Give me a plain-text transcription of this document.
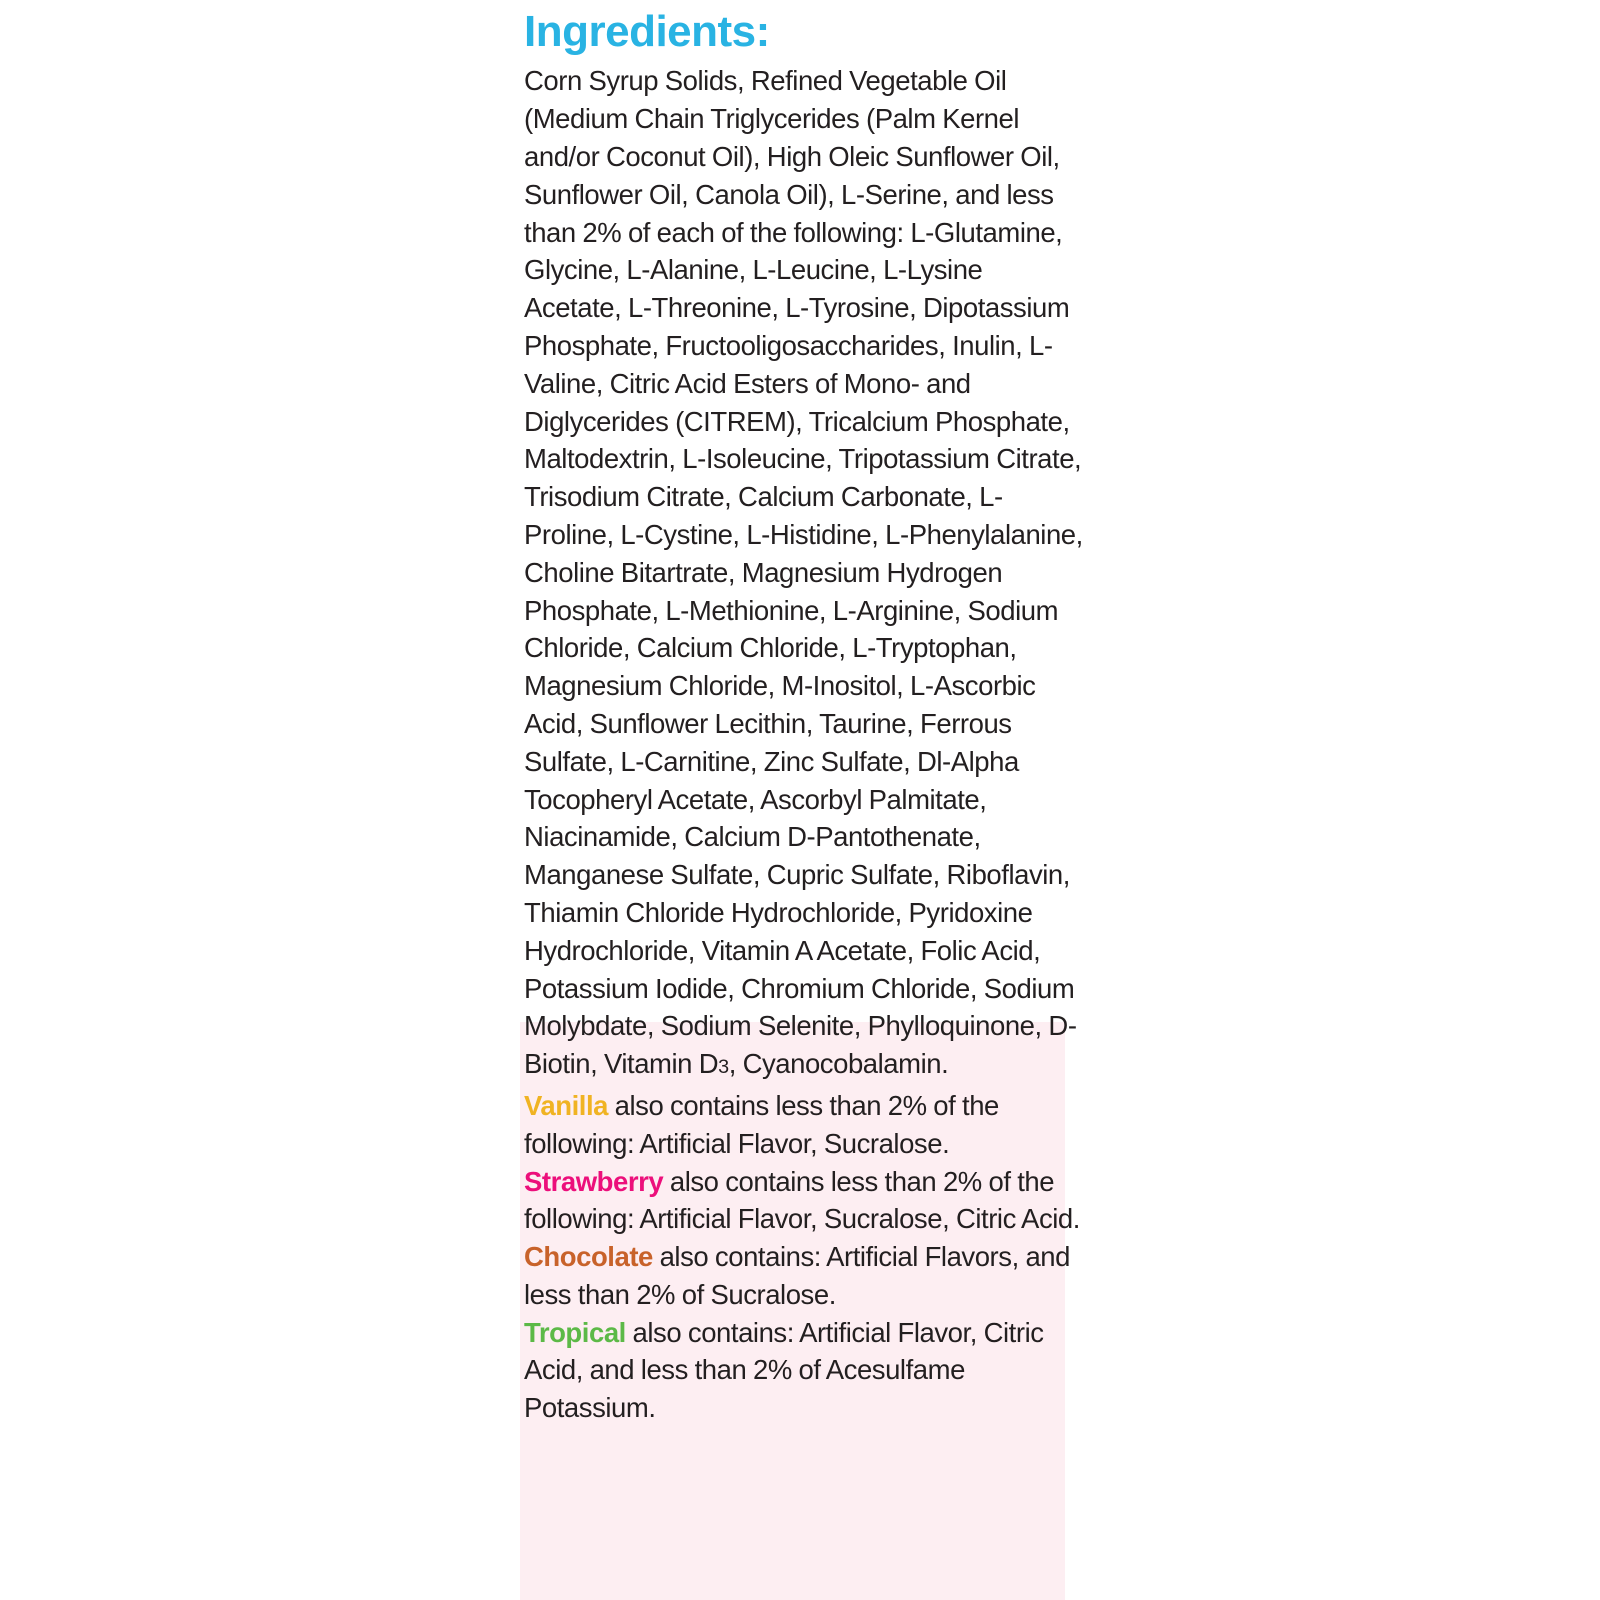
Ingredients:

Corn Syrup Solids, Refined Vegetable Oil (Medium Chain Triglycerides (Palm Kernel and/or Coconut Oil), High Oleic Sunflower Oil, Sunflower Oil, Canola Oil), L-Serine, and less than 2% of each of the following: L-Glutamine, Glycine, L-Alanine, L-Leucine, L-Lysine Acetate, L-Threonine, L-Tyrosine, Dipotassium Phosphate, Fructooligosaccharides, Inulin, L-Valine, Citric Acid Esters of Mono- and Diglycerides (CITREM), Tricalcium Phosphate, Maltodextrin, L-Isoleucine, Tripotassium Citrate, Trisodium Citrate, Calcium Carbonate, L-Proline, L-Cystine, L-Histidine, L-Phenylalanine, Choline Bitartrate, Magnesium Hydrogen Phosphate, L-Methionine, L-Arginine, Sodium Chloride, Calcium Chloride, L-Tryptophan, Magnesium Chloride, M-Inositol, L-Ascorbic Acid, Sunflower Lecithin, Taurine, Ferrous Sulfate, L-Carnitine, Zinc Sulfate, Dl-Alpha Tocopheryl Acetate, Ascorbyl Palmitate, Niacinamide, Calcium D-Pantothenate, Manganese Sulfate, Cupric Sulfate, Riboflavin, Thiamin Chloride Hydrochloride, Pyridoxine Hydrochloride, Vitamin A Acetate, Folic Acid, Potassium Iodide, Chromium Chloride, Sodium Molybdate, Sodium Selenite, Phylloquinone, D-Biotin, Vitamin D3, Cyanocobalamin.

Vanilla also contains less than 2% of the following: Artificial Flavor, Sucralose.

Strawberry also contains less than 2% of the following: Artificial Flavor, Sucralose, Citric Acid.

Chocolate also contains: Artificial Flavors, and less than 2% of Sucralose.

Tropical also contains: Artificial Flavor, Citric Acid, and less than 2% of Acesulfame Potassium.
